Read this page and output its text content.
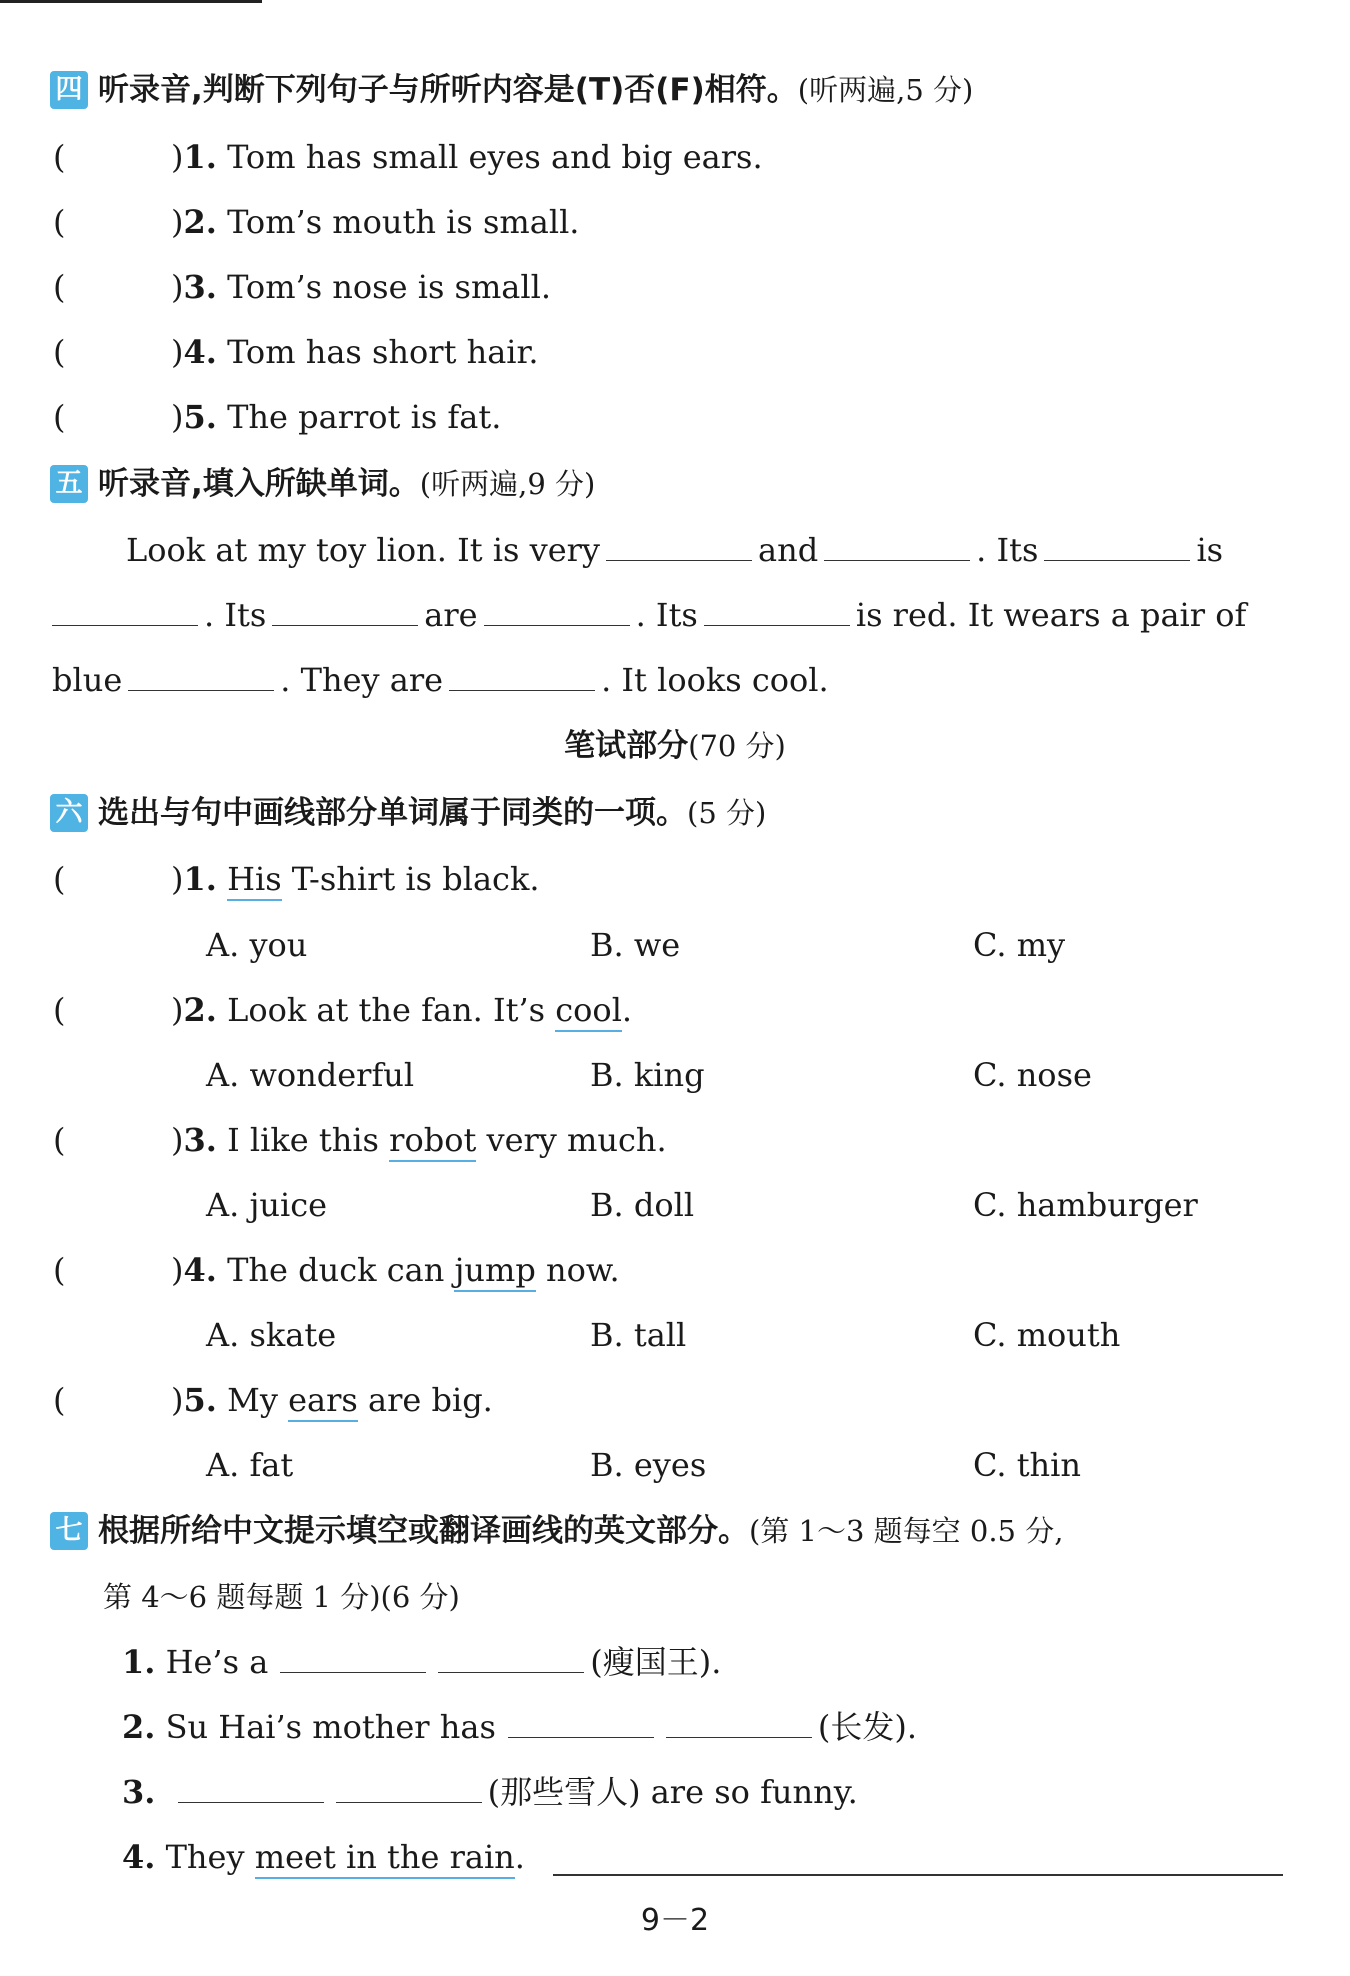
四 听录音,判断下列句子与所听内容是(T)否(F)相符。(听两遍,5 分)
(	)1. Tom has small eyes and big ears.
(	)2. Tom’s mouth is small.
(	)3. Tom’s nose is small.
(	)4. Tom has short hair.
(	)5. The parrot is fat.
五 听录音,填入所缺单词。(听两遍,9 分)
Look at my toy lion. It is very	and	. Its	is
. Its	are	. Its	is red. It wears a pair of
blue	. They are	. It looks cool.
笔试部分(70 分)
六 选出与句中画线部分单词属于同类的一项。(5 分)
(	)1. His T-shirt is black.
A. you	B. we	C. my
(	)2. Look at the fan. It’s cool.
A. wonderful	B. king	C. nose
(	)3. I like this robot very much.
A. juice	B. doll	C. hamburger
(	)4. The duck can jump now.
A. skate	B. tall	C. mouth
(	)5. My ears are big.
A. fat	B. eyes	C. thin
七 根据所给中文提示填空或翻译画线的英文部分。(第 1～3 题每空 0.5 分,
第 4～6 题每题 1 分)(6 分)
1. He’s a	(瘦国王).
2. Su Hai’s mother has	(长发).
3.	(那些雪人) are so funny.
4. They meet in the rain.
9－2
